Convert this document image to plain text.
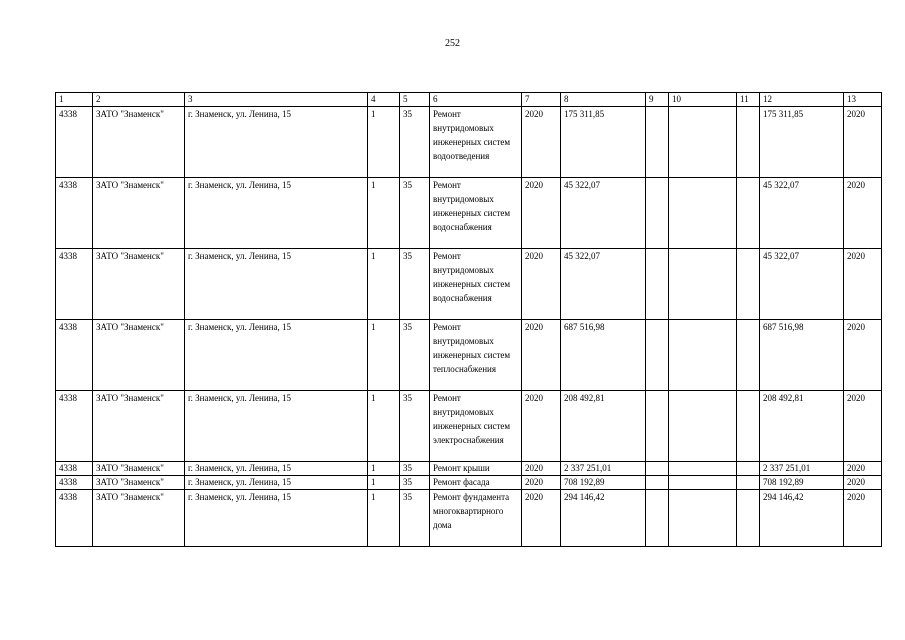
252
1	2	3	4	5	6	7	8	9	10	11	12	13
4338	ЗАТО "Знаменск"	г. Знаменск, ул. Ленина, 15	1	35	Ремонт внутридомовых инженерных систем водоотведения	2020	175 311,85				175 311,85	2020
4338	ЗАТО "Знаменск"	г. Знаменск, ул. Ленина, 15	1	35	Ремонт внутридомовых инженерных систем водоснабжения	2020	45 322,07				45 322,07	2020
4338	ЗАТО "Знаменск"	г. Знаменск, ул. Ленина, 15	1	35	Ремонт внутридомовых инженерных систем водоснабжения	2020	45 322,07				45 322,07	2020
4338	ЗАТО "Знаменск"	г. Знаменск, ул. Ленина, 15	1	35	Ремонт внутридомовых инженерных систем теплоснабжения	2020	687 516,98				687 516,98	2020
4338	ЗАТО "Знаменск"	г. Знаменск, ул. Ленина, 15	1	35	Ремонт внутридомовых инженерных систем электроснабжения	2020	208 492,81				208 492,81	2020
4338	ЗАТО "Знаменск"	г. Знаменск, ул. Ленина, 15	1	35	Ремонт крыши	2020	2 337 251,01				2 337 251,01	2020
4338	ЗАТО "Знаменск"	г. Знаменск, ул. Ленина, 15	1	35	Ремонт фасада	2020	708 192,89				708 192,89	2020
4338	ЗАТО "Знаменск"	г. Знаменск, ул. Ленина, 15	1	35	Ремонт фундамента многоквартирного дома	2020	294 146,42				294 146,42	2020
